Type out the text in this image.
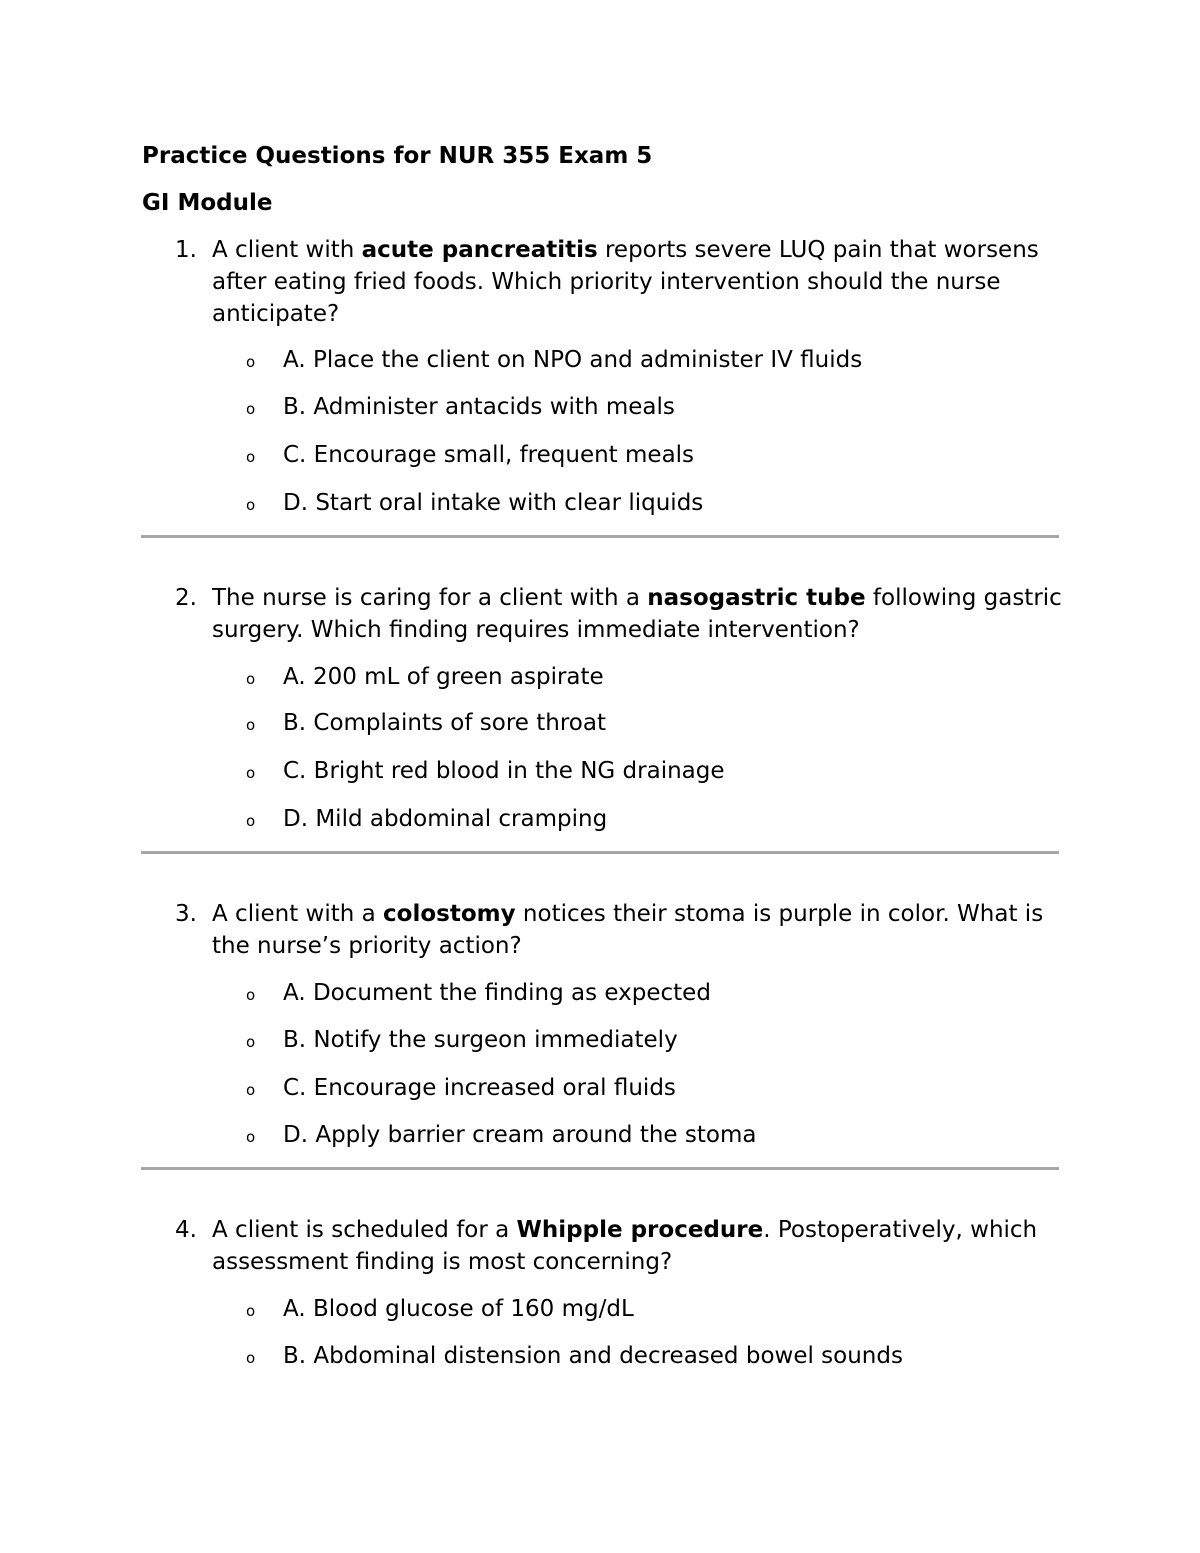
Practice Questions for NUR 355 Exam 5
GI Module
1. A client with acute pancreatitis reports severe LUQ pain that worsens after eating fried foods. Which priority intervention should the nurse anticipate?

o A. Place the client on NPO and administer IV fluids
o B. Administer antacids with meals
o C. Encourage small, frequent meals
o D. Start oral intake with clear liquids
2. The nurse is caring for a client with a nasogastric tube following gastric surgery. Which finding requires immediate intervention?

o A. 200 mL of green aspirate
o B. Complaints of sore throat
o C. Bright red blood in the NG drainage
o D. Mild abdominal cramping
3. A client with a colostomy notices their stoma is purple in color. What is the nurse’s priority action?

o A. Document the finding as expected
o B. Notify the surgeon immediately
o C. Encourage increased oral fluids
o D. Apply barrier cream around the stoma
4. A client is scheduled for a Whipple procedure. Postoperatively, which assessment finding is most concerning?

o A. Blood glucose of 160 mg/dL
o B. Abdominal distension and decreased bowel sounds
